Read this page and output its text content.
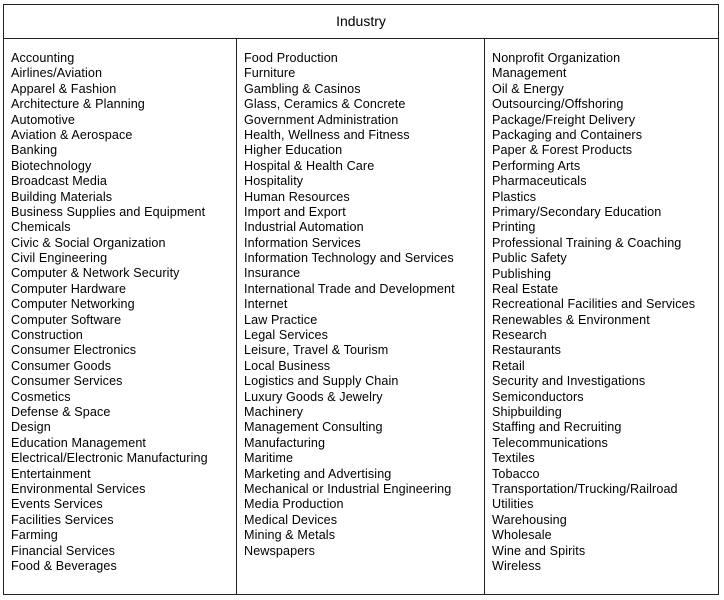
Industry
Accounting
Airlines/Aviation
Apparel & Fashion
Architecture & Planning
Automotive
Aviation & Aerospace
Banking
Biotechnology
Broadcast Media
Building Materials
Business Supplies and Equipment
Chemicals
Civic & Social Organization
Civil Engineering
Computer & Network Security
Computer Hardware
Computer Networking
Computer Software
Construction
Consumer Electronics
Consumer Goods
Consumer Services
Cosmetics
Defense & Space
Design
Education Management
Electrical/Electronic Manufacturing
Entertainment
Environmental Services
Events Services
Facilities Services
Farming
Financial Services
Food & Beverages
Food Production
Furniture
Gambling & Casinos
Glass, Ceramics & Concrete
Government Administration
Health, Wellness and Fitness
Higher Education
Hospital & Health Care
Hospitality
Human Resources
Import and Export
Industrial Automation
Information Services
Information Technology and Services
Insurance
International Trade and Development
Internet
Law Practice
Legal Services
Leisure, Travel & Tourism
Local Business
Logistics and Supply Chain
Luxury Goods & Jewelry
Machinery
Management Consulting
Manufacturing
Maritime
Marketing and Advertising
Mechanical or Industrial Engineering
Media Production
Medical Devices
Mining & Metals
Newspapers
Nonprofit Organization Management
Oil & Energy
Outsourcing/Offshoring
Package/Freight Delivery
Packaging and Containers
Paper & Forest Products
Performing Arts
Pharmaceuticals
Plastics
Primary/Secondary Education
Printing
Professional Training & Coaching
Public Safety
Publishing
Real Estate
Recreational Facilities and Services
Renewables & Environment
Research
Restaurants
Retail
Security and Investigations
Semiconductors
Shipbuilding
Staffing and Recruiting
Telecommunications
Textiles
Tobacco
Transportation/Trucking/Railroad
Utilities
Warehousing
Wholesale
Wine and Spirits
Wireless
